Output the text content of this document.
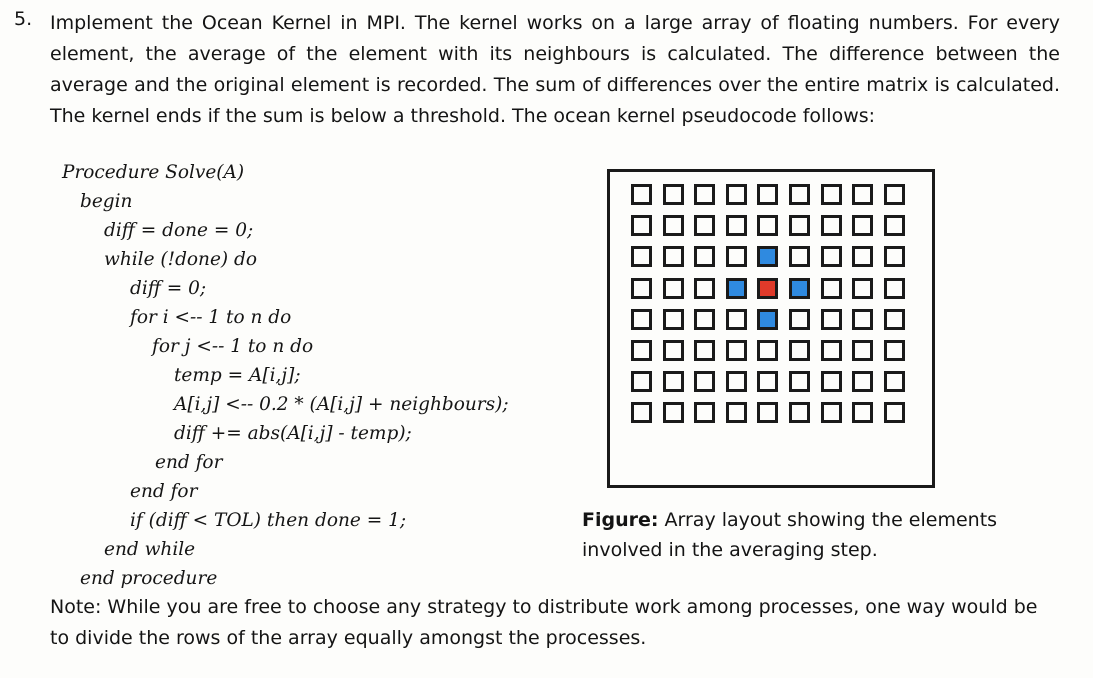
5. Implement the Ocean Kernel in MPI. The kernel works on a large array of floating numbers. For every element, the average of the element with its neighbours is calculated. The difference between the average and the original element is recorded. The sum of differences over the entire matrix is calculated. The kernel ends if the sum is below a threshold. The ocean kernel pseudocode follows:

Procedure Solve(A)
begin
diff = done = 0;
while (!done) do
diff = 0;
for i <-- 1 to n do
for j <-- 1 to n do
temp = A[i,j];
A[i,j] <-- 0.2 * (A[i,j] + neighbours);
diff += abs(A[i,j] - temp);
end for
end for
if (diff < TOL) then done = 1;
end while
end procedure
Figure: Array layout showing the elements involved in the averaging step.

Note: While you are free to choose any strategy to distribute work among processes, one way would be to divide the rows of the array equally amongst the processes.
